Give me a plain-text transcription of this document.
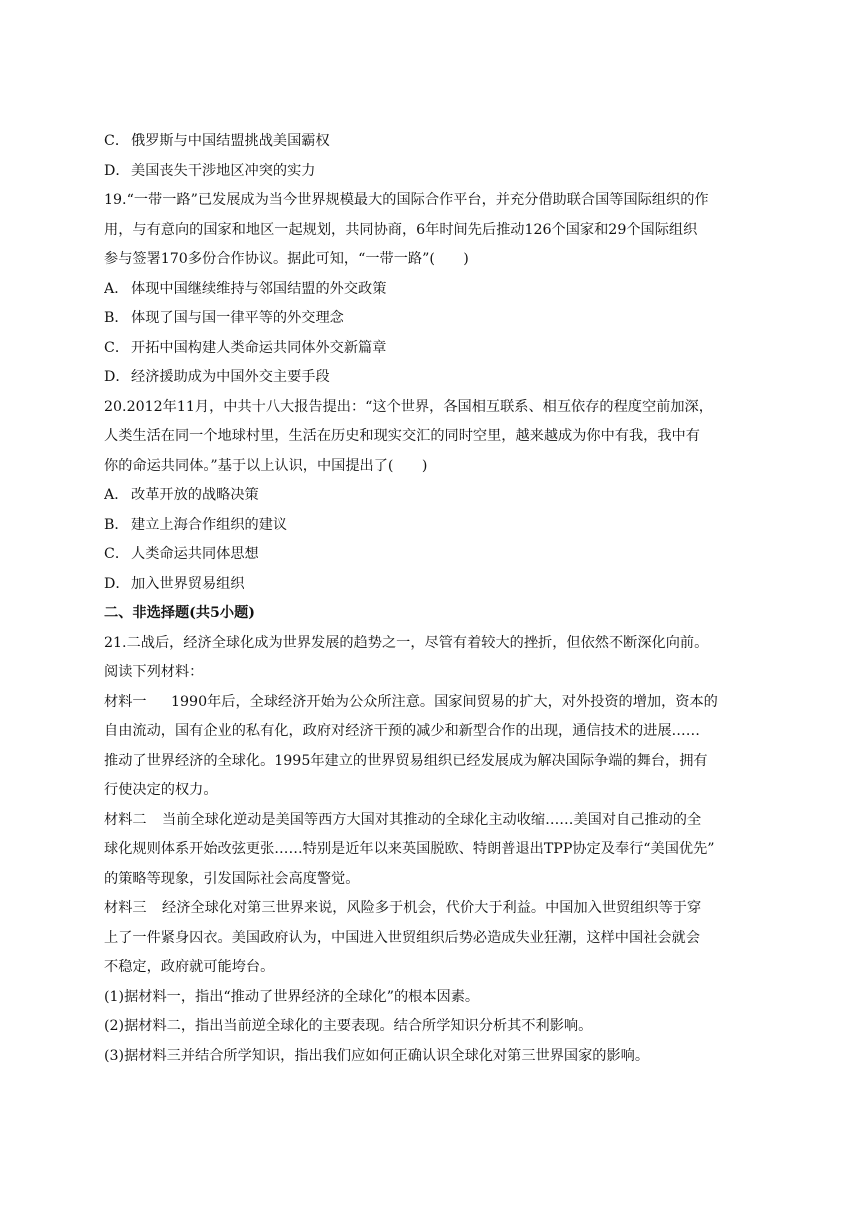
C． 俄罗斯与中国结盟挑战美国霸权
D．美国丧失干涉地区冲突的实力
19.“一带一路”已发展成为当今世界规模最大的国际合作平台，并充分借助联合国等国际组织的作
用，与有意向的国家和地区一起规划，共同协商，6年时间先后推动126个国家和29个国际组织
参与签署170多份合作协议。据此可知，“一带一路”(　　)
A． 体现中国继续维持与邻国结盟的外交政策
B． 体现了国与国一律平等的外交理念
C． 开拓中国构建人类命运共同体外交新篇章
D．经济援助成为中国外交主要手段
20.2012年11月，中共十八大报告提出：“这个世界，各国相互联系、相互依存的程度空前加深，
人类生活在同一个地球村里，生活在历史和现实交汇的同时空里，越来越成为你中有我，我中有
你的命运共同体。”基于以上认识，中国提出了(　　)
A． 改革开放的战略决策
B． 建立上海合作组织的建议
C． 人类命运共同体思想
D．加入世界贸易组织
二、非选择题(共5小题)
21.二战后，经济全球化成为世界发展的趋势之一，尽管有着较大的挫折，但依然不断深化向前。
阅读下列材料：
材料一 1990年后，全球经济开始为公众所注意。国家间贸易的扩大，对外投资的增加，资本的
自由流动，国有企业的私有化，政府对经济干预的减少和新型合作的出现，通信技术的进展……
推动了世界经济的全球化。1995年建立的世界贸易组织已经发展成为解决国际争端的舞台，拥有
行使决定的权力。
材料二 当前全球化逆动是美国等西方大国对其推动的全球化主动收缩……美国对自己推动的全
球化规则体系开始改弦更张……特别是近年以来英国脱欧、特朗普退出TPP协定及奉行“美国优先”
的策略等现象，引发国际社会高度警觉。
材料三 经济全球化对第三世界来说，风险多于机会，代价大于利益。中国加入世贸组织等于穿
上了一件紧身囚衣。美国政府认为，中国进入世贸组织后势必造成失业狂潮，这样中国社会就会
不稳定，政府就可能垮台。
(1)据材料一，指出“推动了世界经济的全球化”的根本因素。
(2)据材料二，指出当前逆全球化的主要表现。结合所学知识分析其不利影响。
(3)据材料三并结合所学知识，指出我们应如何正确认识全球化对第三世界国家的影响。
